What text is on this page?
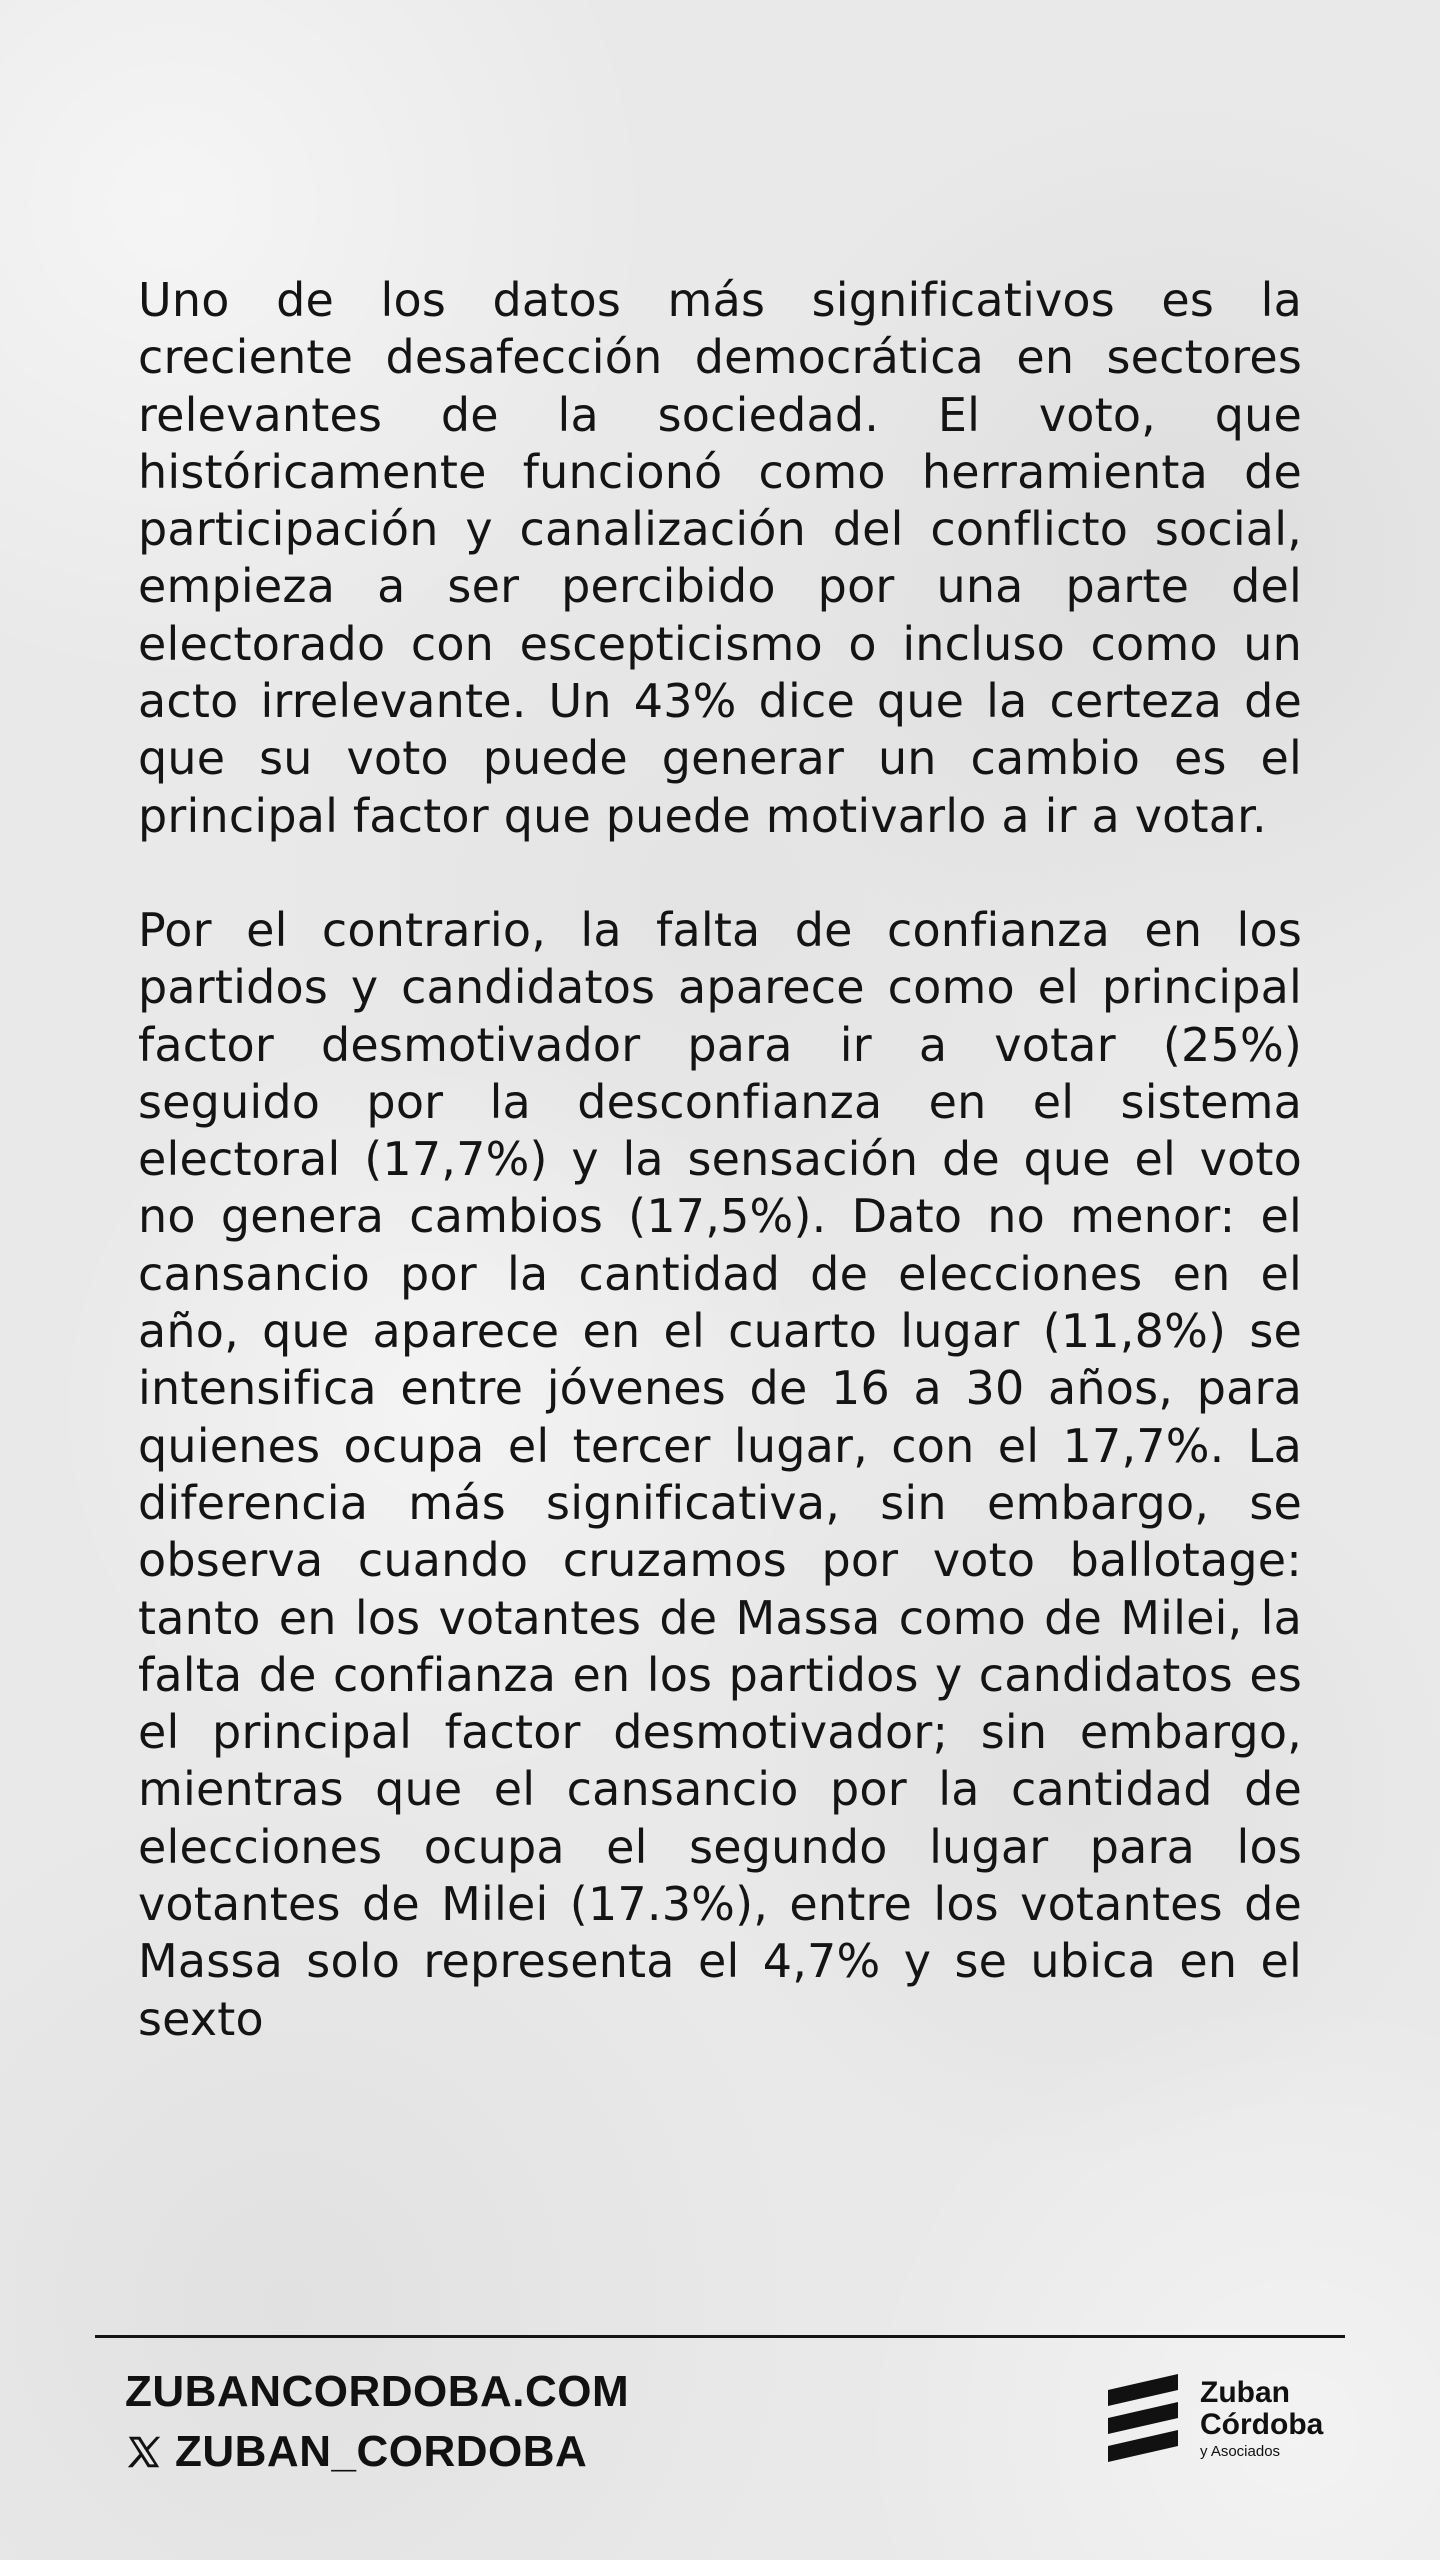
Uno de los datos más significativos es la creciente desafección democrática en sectores relevantes de la sociedad. El voto, que históricamente funcionó como herramienta de participación y canalización del conflicto social, empieza a ser percibido por una parte del electorado con escepticismo o incluso como un acto irrelevante. Un 43% dice que la certeza de que su voto puede generar un cambio es el principal factor que puede motivarlo a ir a votar.

Por el contrario, la falta de confianza en los partidos y candidatos aparece como el principal factor desmotivador para ir a votar (25%) seguido por la desconfianza en el sistema electoral (17,7%) y la sensación de que el voto no genera cambios (17,5%). Dato no menor: el cansancio por la cantidad de elecciones en el año, que aparece en el cuarto lugar (11,8%) se intensifica entre jóvenes de 16 a 30 años, para quienes ocupa el tercer lugar, con el 17,7%. La diferencia más significativa, sin embargo, se observa cuando cruzamos por voto ballotage: tanto en los votantes de Massa como de Milei, la falta de confianza en los partidos y candidatos es el principal factor desmotivador; sin embargo, mientras que el cansancio por la cantidad de elecciones ocupa el segundo lugar para los votantes de Milei (17.3%), entre los votantes de Massa solo representa el 4,7% y se ubica en el sexto

ZUBANCORDOBA.COM
ZUBAN_CORDOBA
Zuban
Córdoba
y Asociados
